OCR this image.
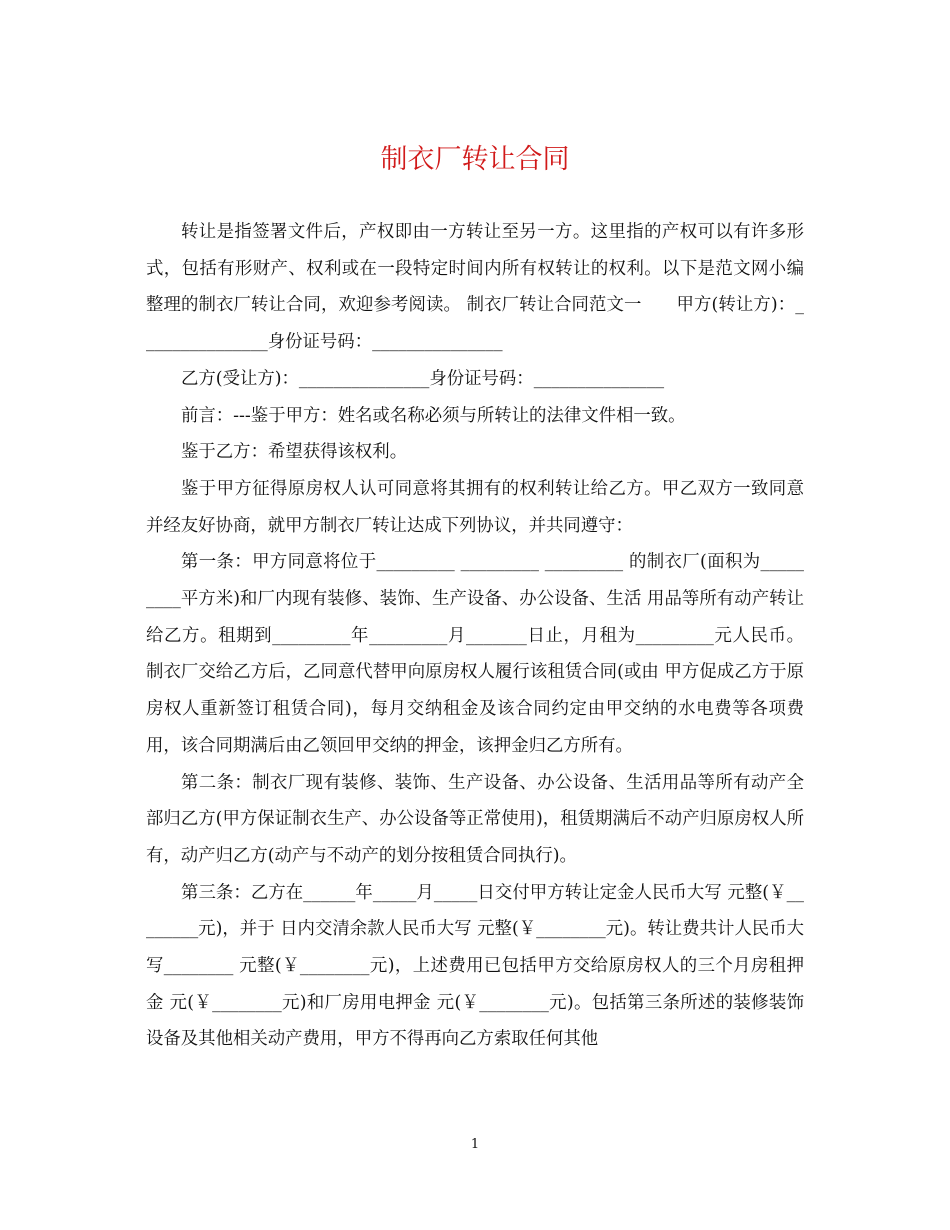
制衣厂转让合同

转让是指签署文件后，产权即由一方转让至另一方。这里指的产权可以有许多形式，包括有形财产、权利或在一段特定时间内所有权转让的权利。以下是范文网小编整理的制衣厂转让合同，欢迎参考阅读。 制衣厂转让合同范文一　　甲方(转让方)：_______________身份证号码：_______________

乙方(受让方)：_______________身份证号码：_______________

前言：---鉴于甲方：姓名或名称必须与所转让的法律文件相一致。

鉴于乙方：希望获得该权利。

鉴于甲方征得原房权人认可同意将其拥有的权利转让给乙方。甲乙双方一致同意并经友好协商，就甲方制衣厂转让达成下列协议，并共同遵守：

第一条：甲方同意将位于_________ _________ _________ 的制衣厂(面积为_________平方米)和厂内现有装修、装饰、生产设备、办公设备、生活 用品等所有动产转让给乙方。租期到_________年_________月_______日止，月租为_________元人民币。制衣厂交给乙方后，乙同意代替甲向原房权人履行该租赁合同(或由 甲方促成乙方于原房权人重新签订租赁合同)，每月交纳租金及该合同约定由甲交纳的水电费等各项费用，该合同期满后由乙领回甲交纳的押金，该押金归乙方所有。

第二条：制衣厂现有装修、装饰、生产设备、办公设备、生活用品等所有动产全部归乙方(甲方保证制衣生产、办公设备等正常使用)，租赁期满后不动产归原房权人所有，动产归乙方(动产与不动产的划分按租赁合同执行)。

第三条：乙方在______年_____月_____日交付甲方转让定金人民币大写 元整(￥________元)，并于 日内交清余款人民币大写 元整(￥________元)。转让费共计人民币大写________ 元整(￥________元)，上述费用已包括甲方交给原房权人的三个月房租押金 元(￥________元)和厂房用电押金 元(￥________元)。包括第三条所述的装修装饰设备及其他相关动产费用，甲方不得再向乙方索取任何其他

1
